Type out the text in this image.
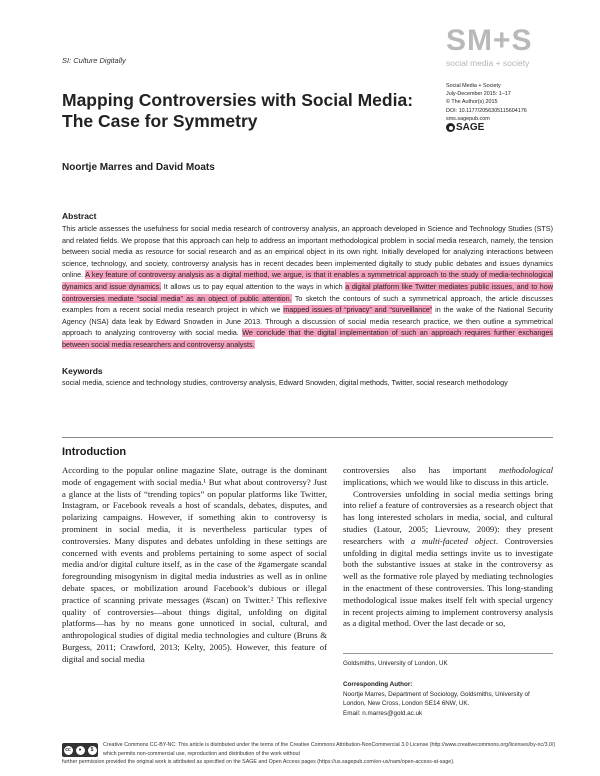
SI: Culture Digitally
SM+S
social media + society
Mapping Controversies with Social Media: The Case for Symmetry
Social Media + Society
July-December 2015: 1–17
© The Author(s) 2015
DOI: 10.1177/2056305115604176
sms.sagepub.com
SAGE
Noortje Marres and David Moats
Abstract
This article assesses the usefulness for social media research of controversy analysis, an approach developed in Science and Technology Studies (STS) and related fields. We propose that this approach can help to address an important methodological problem in social media research, namely, the tension between social media as resource for social research and as an empirical object in its own right. Initially developed for analyzing interactions between science, technology, and society, controversy analysis has in recent decades been implemented digitally to study public debates and issues dynamics online. A key feature of controversy analysis as a digital method, we argue, is that it enables a symmetrical approach to the study of media-technological dynamics and issue dynamics. It allows us to pay equal attention to the ways in which a digital platform like Twitter mediates public issues, and to how controversies mediate “social media” as an object of public attention. To sketch the contours of such a symmetrical approach, the article discusses examples from a recent social media research project in which we mapped issues of “privacy” and “surveillance” in the wake of the National Security Agency (NSA) data leak by Edward Snowden in June 2013. Through a discussion of social media research practice, we then outline a symmetrical approach to analyzing controversy with social media. We conclude that the digital implementation of such an approach requires further exchanges between social media researchers and controversy analysts.
Keywords
social media, science and technology studies, controversy analysis, Edward Snowden, digital methods, Twitter, social research methodology
Introduction

According to the popular online magazine Slate, outrage is the dominant mode of engagement with social media.¹ But what about controversy? Just a glance at the lists of “trending topics” on popular platforms like Twitter, Instagram, or Facebook reveals a host of scandals, debates, disputes, and polarizing campaigns. However, if something akin to controversy is prominent in social media, it is nevertheless particular types of controversies. Many disputes and debates unfolding in these settings are concerned with events and problems pertaining to some aspect of social media and/or digital culture itself, as in the case of the #gamergate scandal foregrounding misogynism in digital media industries as well as in online debate spaces, or mobilization around Facebook’s dubious or illegal practice of scanning private messages (#scan) on Twitter.² This reflexive quality of controversies—about things digital, unfolding on digital platforms—has by no means gone unnoticed in social, cultural, and anthropological studies of digital media technologies and culture (Bruns & Burgess, 2011; Crawford, 2013; Kelty, 2005). However, this feature of digital and social media

controversies also has important methodological implications, which we would like to discuss in this article.

Controversies unfolding in social media settings bring into relief a feature of controversies as a research object that has long interested scholars in media, social, and cultural studies (Latour, 2005; Lievrouw, 2009): they present researchers with a multi-faceted object. Controversies unfolding in digital media settings invite us to investigate both the substantive issues at stake in the controversy as well as the formative role played by mediating technologies in the enactment of these controversies. This long-standing methodological issue makes itself felt with special urgency in recent projects aiming to implement controversy analysis as a digital method. Over the last decade or so,

Goldsmiths, University of London, UK
Corresponding Author:
Noortje Marres, Department of Sociology, Goldsmiths, University of London, New Cross, London SE14 6NW, UK.
Email: n.marres@gold.ac.uk
cc	●	$
Creative Commons CC-BY-NC: This article is distributed under the terms of the Creative Commons Attribution-NonCommercial 3.0 License (http://www.creativecommons.org/licenses/by-nc/3.0/) which permits non-commercial use, reproduction and distribution of the work without
further permission provided the original work is attributed as specified on the SAGE and Open Access pages (https://us.sagepub.com/en-us/nam/open-access-at-sage).
